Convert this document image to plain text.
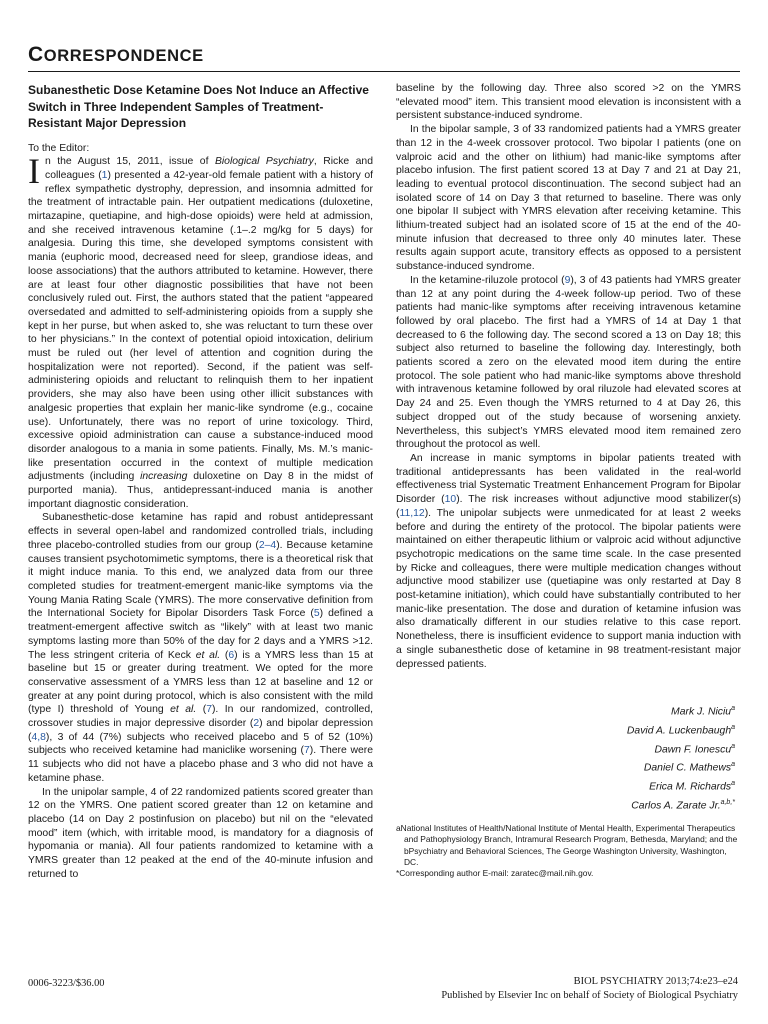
CORRESPONDENCE
Subanesthetic Dose Ketamine Does Not Induce an Affective Switch in Three Independent Samples of Treatment-Resistant Major Depression

To the Editor:

In the August 15, 2011, issue of Biological Psychiatry, Ricke and colleagues (1) presented a 42-year-old female patient with a history of reflex sympathetic dystrophy, depression, and insomnia admitted for the treatment of intractable pain. Her outpatient medications (duloxetine, mirtazapine, quetiapine, and high-dose opioids) were held at admission, and she received intravenous ketamine (.1–.2 mg/kg for 5 days) for analgesia. During this time, she developed symptoms consistent with mania (euphoric mood, decreased need for sleep, grandiose ideas, and loose associations) that the authors attributed to ketamine. However, there are at least four other diagnostic possibilities that have not been conclusively ruled out. First, the authors stated that the patient “appeared oversedated and admitted to self-administering opioids from a supply she kept in her purse, but when asked to, she was reluctant to turn these over to her physicians.” In the context of potential opioid intoxication, delirium must be ruled out (her level of attention and cognition during the hospitalization were not reported). Second, if the patient was self-administering opioids and reluctant to relinquish them to her inpatient providers, she may also have been using other illicit substances with analgesic properties that explain her manic-like syndrome (e.g., cocaine use). Unfortunately, there was no report of urine toxicology. Third, excessive opioid administration can cause a substance-induced mood disorder analogous to a mania in some patients. Finally, Ms. M.’s manic-like presentation occurred in the context of multiple medication adjustments (including increasing duloxetine on Day 8 in the midst of purported mania). Thus, antidepressant-induced mania is another important diagnostic consideration.

Subanesthetic-dose ketamine has rapid and robust antidepressant effects in several open-label and randomized controlled trials, including three placebo-controlled studies from our group (2–4). Because ketamine causes transient psychotomimetic symptoms, there is a theoretical risk that it might induce mania. To this end, we analyzed data from our three completed studies for treatment-emergent manic-like symptoms via the Young Mania Rating Scale (YMRS). The more conservative definition from the International Society for Bipolar Disorders Task Force (5) defined a treatment-emergent affective switch as “likely” with at least two manic symptoms lasting more than 50% of the day for 2 days and a YMRS >12. The less stringent criteria of Keck et al. (6) is a YMRS less than 15 at baseline but 15 or greater during treatment. We opted for the more conservative assessment of a YMRS less than 12 at baseline and 12 or greater at any point during protocol, which is also consistent with the mild (type I) threshold of Young et al. (7). In our randomized, controlled, crossover studies in major depressive disorder (2) and bipolar depression (4,8), 3 of 44 (7%) subjects who received placebo and 5 of 52 (10%) subjects who received ketamine had maniclike worsening (7). There were 11 subjects who did not have a placebo phase and 3 who did not have a ketamine phase.

In the unipolar sample, 4 of 22 randomized patients scored greater than 12 on the YMRS. One patient scored greater than 12 on ketamine and placebo (14 on Day 2 postinfusion on placebo) but nil on the “elevated mood” item (which, with irritable mood, is mandatory for a diagnosis of hypomania or mania). All four patients randomized to ketamine with a YMRS greater than 12 peaked at the end of the 40-minute infusion and returned to

baseline by the following day. Three also scored >2 on the YMRS “elevated mood” item. This transient mood elevation is inconsistent with a persistent substance-induced syndrome.

In the bipolar sample, 3 of 33 randomized patients had a YMRS greater than 12 in the 4-week crossover protocol. Two bipolar I patients (one on valproic acid and the other on lithium) had manic-like symptoms after placebo infusion. The first patient scored 13 at Day 7 and 21 at Day 21, leading to eventual protocol discontinuation. The second subject had an isolated score of 14 on Day 3 that returned to baseline. There was only one bipolar II subject with YMRS elevation after receiving ketamine. This lithium-treated subject had an isolated score of 15 at the end of the 40-minute infusion that decreased to three only 40 minutes later. These results again support acute, transitory effects as opposed to a persistent substance-induced syndrome.

In the ketamine-riluzole protocol (9), 3 of 43 patients had YMRS greater than 12 at any point during the 4-week follow-up period. Two of these patients had manic-like symptoms after receiving intravenous ketamine followed by oral placebo. The first had a YMRS of 14 at Day 1 that decreased to 6 the following day. The second scored a 13 on Day 18; this subject also returned to baseline the following day. Interestingly, both patients scored a zero on the elevated mood item during the entire protocol. The sole patient who had manic-like symptoms above threshold with intravenous ketamine followed by oral riluzole had elevated scores at Day 24 and 25. Even though the YMRS returned to 4 at Day 26, this subject dropped out of the study because of worsening anxiety. Nevertheless, this subject’s YMRS elevated mood item remained zero throughout the protocol as well.

An increase in manic symptoms in bipolar patients treated with traditional antidepressants has been validated in the real-world effectiveness trial Systematic Treatment Enhancement Program for Bipolar Disorder (10). The risk increases without adjunctive mood stabilizer(s) (11,12). The unipolar subjects were unmedicated for at least 2 weeks before and during the entirety of the protocol. The bipolar patients were maintained on either therapeutic lithium or valproic acid without adjunctive psychotropic medications on the same time scale. In the case presented by Ricke and colleagues, there were multiple medication changes without adjunctive mood stabilizer use (quetiapine was only restarted at Day 8 post-ketamine initiation), which could have substantially contributed to her manic-like presentation. The dose and duration of ketamine infusion was also dramatically different in our studies relative to this case report. Nonetheless, there is insufficient evidence to support mania induction with a single subanesthetic dose of ketamine in 98 treatment-resistant major depressed patients.

Mark J. Niciu$^a$
David A. Luckenbaugh$^a$
Dawn F. Ionescu$^a$
Daniel C. Mathews$^a$
Erica M. Richards$^a$
Carlos A. Zarate Jr.$^{a,b,*}$

aNational Institutes of Health/National Institute of Mental Health, Experimental Therapeutics and Pathophysiology Branch, Intramural Research Program, Bethesda, Maryland; and the bPsychiatry and Behavioral Sciences, The George Washington University, Washington, DC.

*Corresponding author E-mail: zaratec@mail.nih.gov.

0006-3223/$36.00	BIOL PSYCHIATRY 2013;74:e23–e24
Published by Elsevier Inc on behalf of Society of Biological Psychiatry
